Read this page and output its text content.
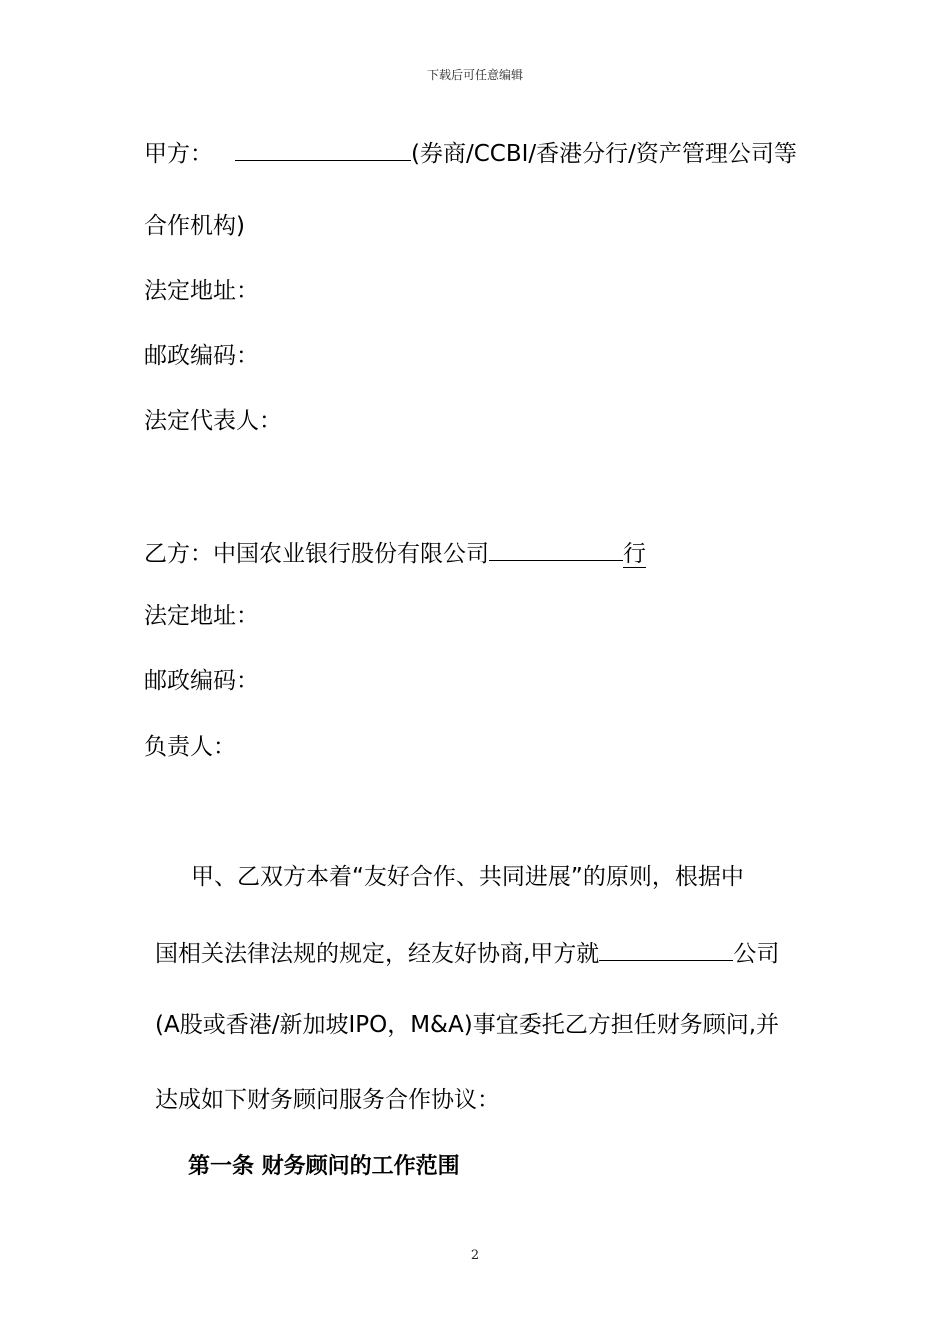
下载后可任意编辑
甲方：	(券商/CCBI/香港分行/资产管理公司等
合作机构)
法定地址：
邮政编码：
法定代表人：
乙方：中国农业银行股份有限公司	行
法定地址：
邮政编码：
负责人：
甲、乙双方本着“友好合作、共同进展”的原则，根据中
国相关法律法规的规定，经友好协商,甲方就	公司
(A股或香港/新加坡IPO，M&A)事宜委托乙方担任财务顾问,并
达成如下财务顾问服务合作协议：
第一条 财务顾问的工作范围
2
